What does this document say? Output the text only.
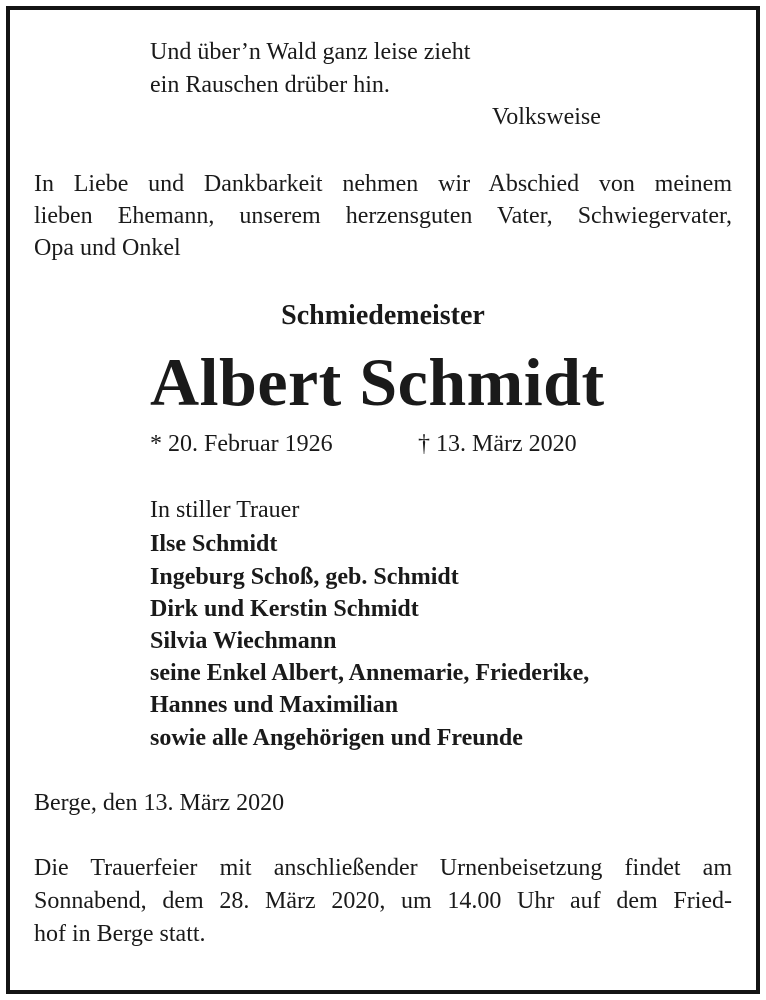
Und über’n Wald ganz leise zieht
ein Rauschen drüber hin.
Volksweise
In Liebe und Dankbarkeit nehmen wir Abschied von meinem
lieben Ehemann, unserem herzensguten Vater, Schwiegervater,
Opa und Onkel
Schmiedemeister
Albert Schmidt
* 20. Februar 1926	† 13. März 2020
In stiller Trauer
Ilse Schmidt
Ingeburg Schoß, geb. Schmidt
Dirk und Kerstin Schmidt
Silvia Wiechmann
seine Enkel Albert, Annemarie, Friederike,
Hannes und Maximilian
sowie alle Angehörigen und Freunde
Berge, den 13. März 2020
Die Trauerfeier mit anschließender Urnenbeisetzung findet am
Sonnabend, dem 28. März 2020, um 14.00 Uhr auf dem Fried-
hof in Berge statt.
